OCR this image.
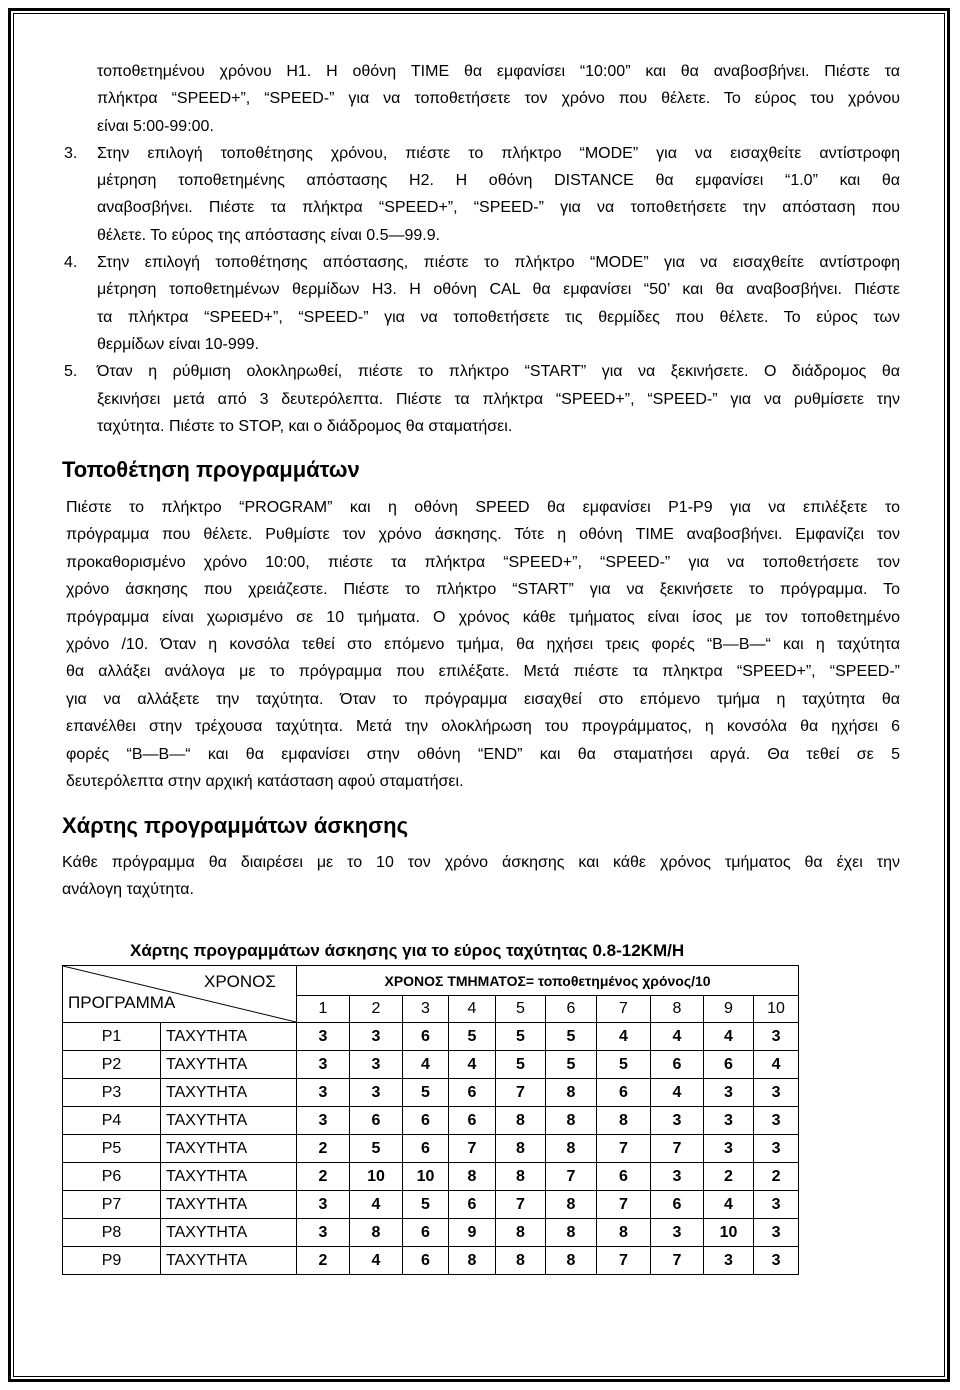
τοποθετημένου χρόνου H1. Η οθόνη TIME θα εμφανίσει “10:00” και θα αναβοσβήνει. Πιέστε τα
πλήκτρα “SPEED+”, “SPEED-” για να τοποθετήσετε τον χρόνο που θέλετε. Το εύρος του χρόνου
είναι 5:00-99:00.
3. Στην επιλογή τοποθέτησης χρόνου, πιέστε το πλήκτρο “MODE” για να εισαχθείτε αντίστροφη
μέτρηση τοποθετημένης απόστασης H2. Η οθόνη DISTANCE θα εμφανίσει “1.0” και θα
αναβοσβήνει. Πιέστε τα πλήκτρα “SPEED+”, “SPEED-” για να τοποθετήσετε την απόσταση που
θέλετε. Το εύρος της απόστασης είναι 0.5—99.9.
4. Στην επιλογή τοποθέτησης απόστασης, πιέστε το πλήκτρο “MODE” για να εισαχθείτε αντίστροφη
μέτρηση τοποθετημένων θερμίδων H3. Η οθόνη CAL θα εμφανίσει “50’ και θα αναβοσβήνει. Πιέστε
τα πλήκτρα “SPEED+”, “SPEED-” για να τοποθετήσετε τις θερμίδες που θέλετε. Το εύρος των
θερμίδων είναι 10-999.
5. Όταν η ρύθμιση ολοκληρωθεί, πιέστε το πλήκτρο “START” για να ξεκινήσετε. Ο διάδρομος θα
ξεκινήσει μετά από 3 δευτερόλεπτα. Πιέστε τα πλήκτρα “SPEED+”, “SPEED-” για να ρυθμίσετε την
ταχύτητα. Πιέστε το STOP, και ο διάδρομος θα σταματήσει.
Τοποθέτηση προγραμμάτων
Πιέστε το πλήκτρο “PROGRAM” και η οθόνη SPEED θα εμφανίσει P1-P9 για να επιλέξετε το
πρόγραμμα που θέλετε. Ρυθμίστε τον χρόνο άσκησης. Τότε η οθόνη TIME αναβοσβήνει. Εμφανίζει τον
προκαθορισμένο χρόνο 10:00, πιέστε τα πλήκτρα “SPEED+”, “SPEED-” για να τοποθετήσετε τον
χρόνο άσκησης που χρειάζεστε. Πιέστε το πλήκτρο “START” για να ξεκινήσετε το πρόγραμμα. Το
πρόγραμμα είναι χωρισμένο σε 10 τμήματα. Ο χρόνος κάθε τμήματος είναι ίσος με τον τοποθετημένο
χρόνο /10. Όταν η κονσόλα τεθεί στο επόμενο τμήμα, θα ηχήσει τρεις φορές “B—B—“ και η ταχύτητα
θα αλλάξει ανάλογα με το πρόγραμμα που επιλέξατε. Μετά πιέστε τα πληκτρα “SPEED+”, “SPEED-”
για να αλλάξετε την ταχύτητα. Όταν το πρόγραμμα εισαχθεί στο επόμενο τμήμα η ταχύτητα θα
επανέλθει στην τρέχουσα ταχύτητα. Μετά την ολοκλήρωση του προγράμματος, η κονσόλα θα ηχήσει 6
φορές “B—B—“ και θα εμφανίσει στην οθόνη “END” και θα σταματήσει αργά. Θα τεθεί σε 5
δευτερόλεπτα στην αρχική κατάσταση αφού σταματήσει.
Χάρτης προγραμμάτων άσκησης
Κάθε πρόγραμμα θα διαιρέσει με το 10 τον χρόνο άσκησης και κάθε χρόνος τμήματος θα έχει την
ανάλογη ταχύτητα.
Χάρτης προγραμμάτων άσκησης για το εύρος ταχύτητας 0.8-12KM/H
ΧΡΟΝΟΣ
ΠΡΟΓΡΑΜΜΑ		ΧΡΟΝΟΣ ΤΜΗΜΑΤΟΣ= τοποθετημένος χρόνος/10									
		1	2	3	4	5	6	7	8	9	10
P1	ΤΑΧΥΤΗΤΑ	3	3	6	5	5	5	4	4	4	3
P2	ΤΑΧΥΤΗΤΑ	3	3	4	4	5	5	5	6	6	4
P3	ΤΑΧΥΤΗΤΑ	3	3	5	6	7	8	6	4	3	3
P4	ΤΑΧΥΤΗΤΑ	3	6	6	6	8	8	8	3	3	3
P5	ΤΑΧΥΤΗΤΑ	2	5	6	7	8	8	7	7	3	3
P6	ΤΑΧΥΤΗΤΑ	2	10	10	8	8	7	6	3	2	2
P7	ΤΑΧΥΤΗΤΑ	3	4	5	6	7	8	7	6	4	3
P8	ΤΑΧΥΤΗΤΑ	3	8	6	9	8	8	8	3	10	3
P9	ΤΑΧΥΤΗΤΑ	2	4	6	8	8	8	7	7	3	3
